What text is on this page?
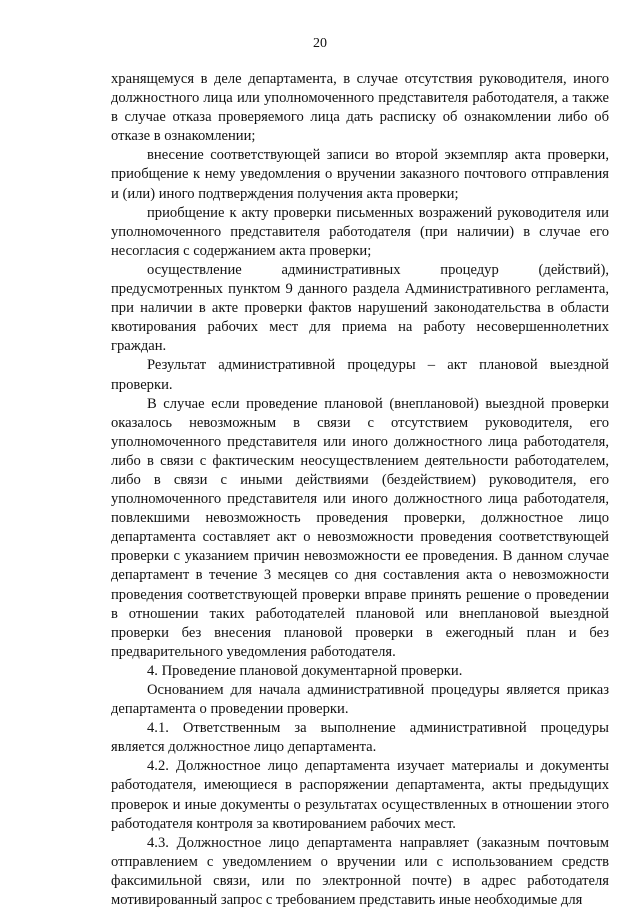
20

хранящемуся в деле департамента, в случае отсутствия руководителя, иного должностного лица или уполномоченного представителя работодателя, а также в случае отказа проверяемого лица дать расписку об ознакомлении либо об отказе в ознакомлении;

внесение соответствующей записи во второй экземпляр акта проверки, приобщение к нему уведомления о вручении заказного почтового отправления и (или) иного подтверждения получения акта проверки;

приобщение к акту проверки письменных возражений руководителя или уполномоченного представителя работодателя (при наличии) в случае его несогласия с содержанием акта проверки;

осуществление административных процедур (действий), предусмотренных пунктом 9 данного раздела Административного регламента, при наличии в акте проверки фактов нарушений законодательства в области квотирования рабочих мест для приема на работу несовершеннолетних граждан.

Результат административной процедуры – акт плановой выездной проверки.

В случае если проведение плановой (внеплановой) выездной проверки оказалось невозможным в связи с отсутствием руководителя, его уполномоченного представителя или иного должностного лица работодателя, либо в связи с фактическим неосуществлением деятельности работодателем, либо в связи с иными действиями (бездействием) руководителя, его уполномоченного представителя или иного должностного лица работодателя, повлекшими невозможность проведения проверки, должностное лицо департамента составляет акт о невозможности проведения соответствующей проверки с указанием причин невозможности ее проведения. В данном случае департамент в течение 3 месяцев со дня составления акта о невозможности проведения соответствующей проверки вправе принять решение о проведении в отношении таких работодателей плановой или внеплановой выездной проверки без внесения плановой проверки в ежегодный план и без предварительного уведомления работодателя.

4. Проведение плановой документарной проверки.

Основанием для начала административной процедуры является приказ департамента о проведении проверки.

4.1. Ответственным за выполнение административной процедуры является должностное лицо департамента.

4.2. Должностное лицо департамента изучает материалы и документы работодателя, имеющиеся в распоряжении департамента, акты предыдущих проверок и иные документы о результатах осуществленных в отношении этого работодателя контроля за квотированием рабочих мест.

4.3. Должностное лицо департамента направляет (заказным почтовым отправлением с уведомлением о вручении или с использованием средств факсимильной связи, или по электронной почте) в адрес работодателя мотивированный запрос с требованием представить иные необходимые для
